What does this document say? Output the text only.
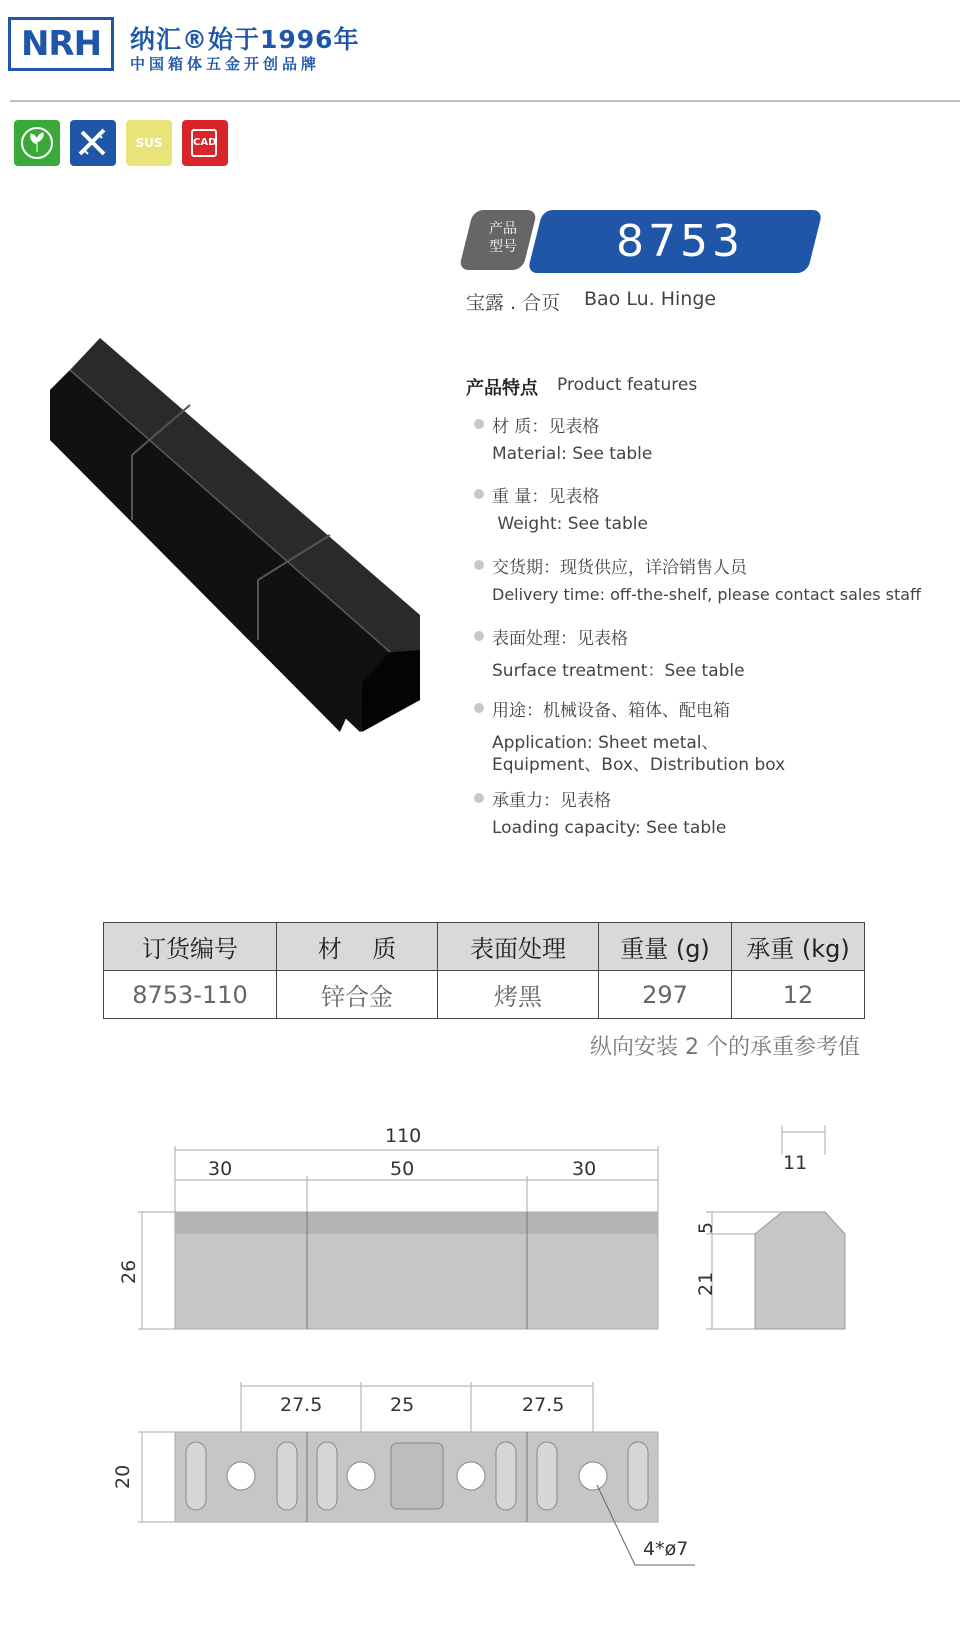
NRH	纳汇®始于1996年
中国箱体五金开创品牌
SUS	CAD
产品
型号	8753
宝露 . 合页 Bao Lu. Hinge
产品特点 Product features
材 质：见表格
Material: See table
重 量：见表格
Weight: See table
交货期：现货供应，详洽销售人员
Delivery time: off-the-shelf, please contact sales staff
表面处理：见表格
Surface treatment：See table
用途：机械设备、箱体、配电箱
Application: Sheet metal、
Equipment、Box、Distribution box
承重力：见表格
Loading capacity: See table
订货编号	材    质	表面处理	重量 (g)	承重 (kg)
8753-110	锌合金	烤黑	297	12
纵向安装 2 个的承重参考值
110
30	50	30
26
11
5
21
27.5	25	27.5
20
4*ø7
